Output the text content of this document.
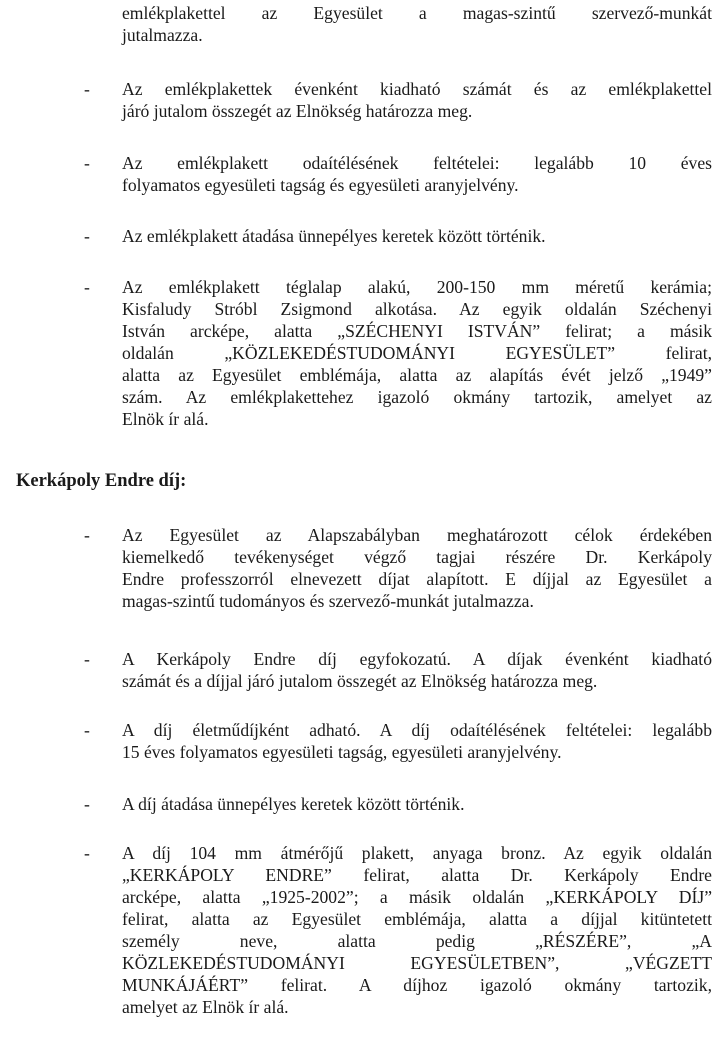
emlékplakettel az Egyesület a magas-szintű szervező-munkát
jutalmazza.
-	Az emlékplakettek évenként kiadható számát és az emlékplakettel
járó jutalom összegét az Elnökség határozza meg.
-	Az emlékplakett odaítélésének feltételei: legalább 10 éves
folyamatos egyesületi tagság és egyesületi aranyjelvény.
-	Az emlékplakett átadása ünnepélyes keretek között történik.
-	Az emlékplakett téglalap alakú, 200-150 mm méretű kerámia;
Kisfaludy Stróbl Zsigmond alkotása. Az egyik oldalán Széchenyi
István arcképe, alatta „SZÉCHENYI ISTVÁN” felirat; a másik
oldalán „KÖZLEKEDÉSTUDOMÁNYI EGYESÜLET” felirat,
alatta az Egyesület emblémája, alatta az alapítás évét jelző „1949”
szám. Az emlékplakettehez igazoló okmány tartozik, amelyet az
Elnök ír alá.
Kerkápoly Endre díj:
-	Az Egyesület az Alapszabályban meghatározott célok érdekében
kiemelkedő tevékenységet végző tagjai részére Dr. Kerkápoly
Endre professzorról elnevezett díjat alapított. E díjjal az Egyesület a
magas-szintű tudományos és szervező-munkát jutalmazza.
-	A Kerkápoly Endre díj egyfokozatú. A díjak évenként kiadható
számát és a díjjal járó jutalom összegét az Elnökség határozza meg.
-	A díj életműdíjként adható. A díj odaítélésének feltételei: legalább
15 éves folyamatos egyesületi tagság, egyesületi aranyjelvény.
-	A díj átadása ünnepélyes keretek között történik.
-	A díj 104 mm átmérőjű plakett, anyaga bronz. Az egyik oldalán
„KERKÁPOLY ENDRE” felirat, alatta Dr. Kerkápoly Endre
arcképe, alatta „1925-2002”; a másik oldalán „KERKÁPOLY DÍJ”
felirat, alatta az Egyesület emblémája, alatta a díjjal kitüntetett
személy neve, alatta pedig „RÉSZÉRE”, „A
KÖZLEKEDÉSTUDOMÁNYI EGYESÜLETBEN”, „VÉGZETT
MUNKÁJÁÉRT” felirat. A díjhoz igazoló okmány tartozik,
amelyet az Elnök ír alá.
